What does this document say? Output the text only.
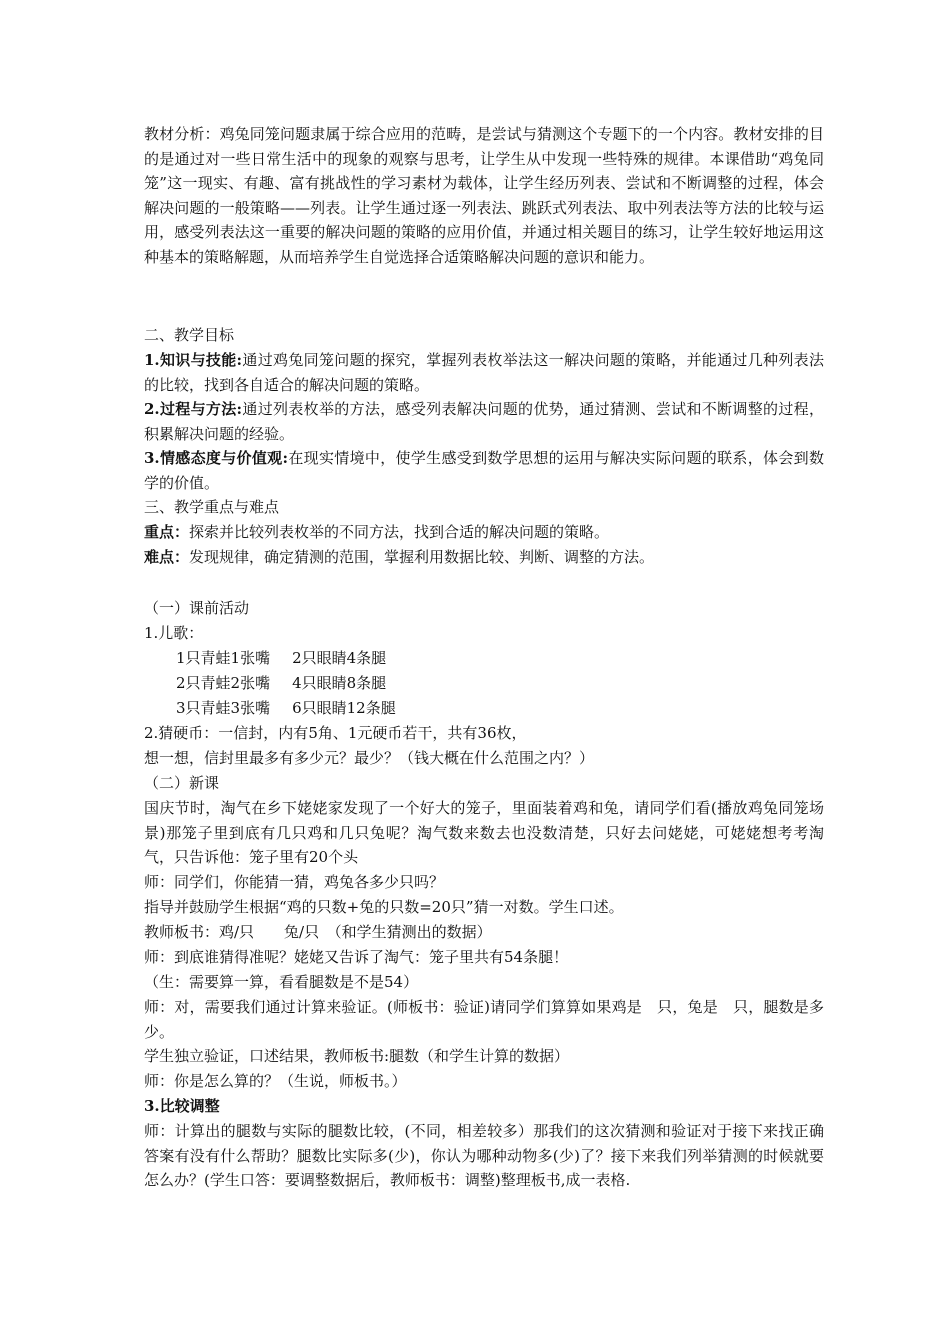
教材分析：鸡兔同笼问题隶属于综合应用的范畴，是尝试与猜测这个专题下的一个内容。教材安排的目的是通过对一些日常生活中的现象的观察与思考，让学生从中发现一些特殊的规律。本课借助“鸡兔同笼”这一现实、有趣、富有挑战性的学习素材为载体，让学生经历列表、尝试和不断调整的过程，体会解决问题的一般策略——列表。让学生通过逐一列表法、跳跃式列表法、取中列表法等方法的比较与运用，感受列表法这一重要的解决问题的策略的应用价值，并通过相关题目的练习，让学生较好地运用这种基本的策略解题，从而培养学生自觉选择合适策略解决问题的意识和能力。

二、教学目标

1.知识与技能:通过鸡兔同笼问题的探究，掌握列表枚举法这一解决问题的策略，并能通过几种列表法的比较，找到各自适合的解决问题的策略。

2.过程与方法:通过列表枚举的方法，感受列表解决问题的优势，通过猜测、尝试和不断调整的过程，积累解决问题的经验。

3.情感态度与价值观:在现实情境中，使学生感受到数学思想的运用与解决实际问题的联系，体会到数学的价值。

三、教学重点与难点

重点：探索并比较列表枚举的不同方法，找到合适的解决问题的策略。

难点：发现规律，确定猜测的范围，掌握利用数据比较、判断、调整的方法。

（一）课前活动

1.儿歌：

1只青蛙1张嘴 2只眼睛4条腿

2只青蛙2张嘴 4只眼睛8条腿

3只青蛙3张嘴 6只眼睛12条腿

2.猜硬币：一信封，内有5角、1元硬币若干，共有36枚，

想一想，信封里最多有多少元？最少？（钱大概在什么范围之内？）

（二）新课

国庆节时，淘气在乡下姥姥家发现了一个好大的笼子，里面装着鸡和兔，请同学们看(播放鸡兔同笼场景)那笼子里到底有几只鸡和几只兔呢？淘气数来数去也没数清楚，只好去问姥姥，可姥姥想考考淘气，只告诉他：笼子里有20个头

师：同学们，你能猜一猜，鸡兔各多少只吗？

指导并鼓励学生根据“鸡的只数+兔的只数=20只”猜一对数。学生口述。

教师板书：鸡/只　　兔/只　（和学生猜测出的数据）

师：到底谁猜得准呢？姥姥又告诉了淘气：笼子里共有54条腿！

（生：需要算一算，看看腿数是不是54）

师：对，需要我们通过计算来验证。(师板书：验证)请同学们算算如果鸡是　只，兔是　只，腿数是多少。

学生独立验证，口述结果，教师板书:腿数（和学生计算的数据）

师：你是怎么算的？（生说，师板书。）

3.比较调整

师：计算出的腿数与实际的腿数比较，(不同，相差较多）那我们的这次猜测和验证对于接下来找正确答案有没有什么帮助？腿数比实际多(少)，你认为哪种动物多(少)了？接下来我们列举猜测的时候就要怎么办？(学生口答：要调整数据后，教师板书：调整)整理板书,成一表格.
